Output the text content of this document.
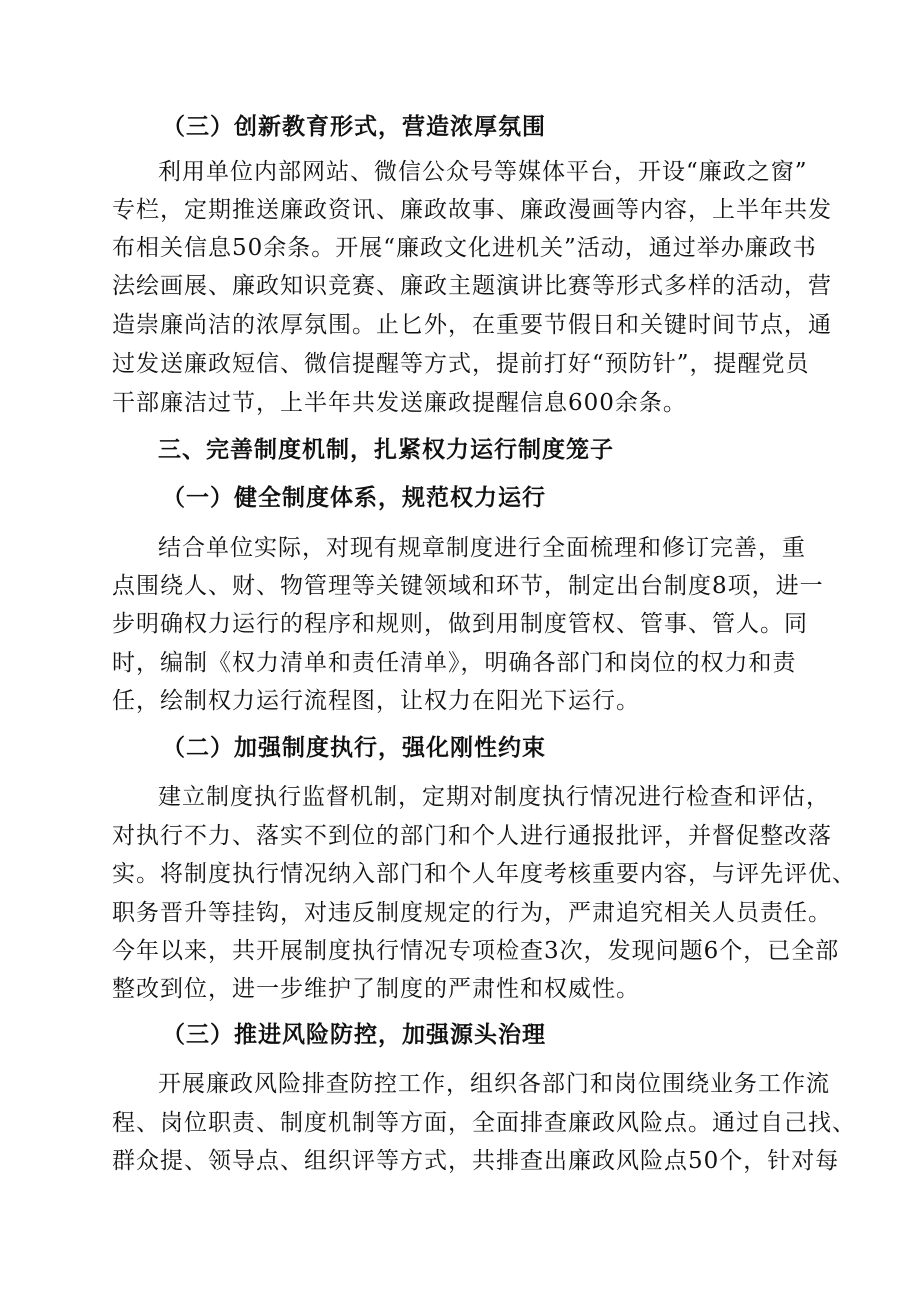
（三）创新教育形式，营造浓厚氛围
利用单位内部网站、微信公众号等媒体平台，开设“廉政之窗”
专栏，定期推送廉政资讯、廉政故事、廉政漫画等内容，上半年共发
布相关信息50余条。开展“廉政文化进机关”活动，通过举办廉政书
法绘画展、廉政知识竞赛、廉政主题演讲比赛等形式多样的活动，营
造崇廉尚洁的浓厚氛围。止匕外，在重要节假日和关键时间节点，通
过发送廉政短信、微信提醒等方式，提前打好“预防针”，提醒党员
干部廉洁过节，上半年共发送廉政提醒信息600余条。
三、完善制度机制，扎紧权力运行制度笼子
（一）健全制度体系，规范权力运行
结合单位实际，对现有规章制度进行全面梳理和修订完善，重
点围绕人、财、物管理等关键领域和环节，制定出台制度8项，进一
步明确权力运行的程序和规则，做到用制度管权、管事、管人。同
时，编制《权力清单和责任清单》，明确各部门和岗位的权力和责
任，绘制权力运行流程图，让权力在阳光下运行。
（二）加强制度执行，强化刚性约束
建立制度执行监督机制，定期对制度执行情况进行检查和评估，
对执行不力、落实不到位的部门和个人进行通报批评，并督促整改落
实。将制度执行情况纳入部门和个人年度考核重要内容，与评先评优、
职务晋升等挂钩，对违反制度规定的行为，严肃追究相关人员责任。
今年以来，共开展制度执行情况专项检查3次，发现问题6个，已全部
整改到位，进一步维护了制度的严肃性和权威性。
（三）推进风险防控，加强源头治理
开展廉政风险排查防控工作，组织各部门和岗位围绕业务工作流
程、岗位职责、制度机制等方面，全面排查廉政风险点。通过自己找、
群众提、领导点、组织评等方式，共排查出廉政风险点50个，针对每
